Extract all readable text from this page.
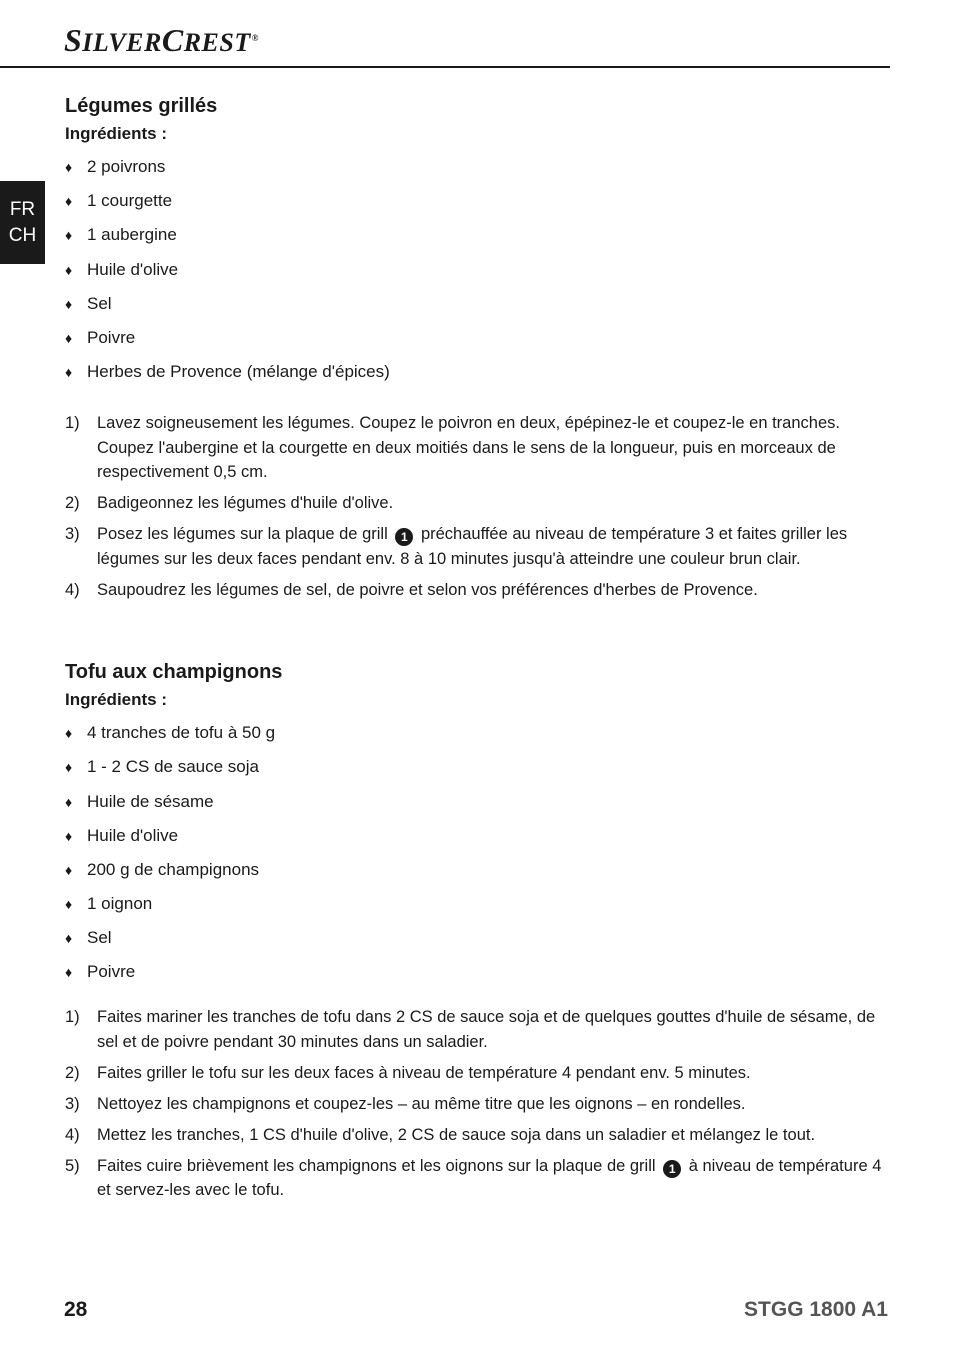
SILVERCREST®
FR
CH
Légumes grillés
Ingrédients :
♦ 2 poivrons
♦ 1 courgette
♦ 1 aubergine
♦ Huile d'olive
♦ Sel
♦ Poivre
♦ Herbes de Provence (mélange d'épices)
1)	Lavez soigneusement les légumes. Coupez le poivron en deux, épépinez-le et coupez-le en tranches. Coupez l'aubergine et la courgette en deux moitiés dans le sens de la longueur, puis en morceaux de respectivement 0,5 cm.
2)	Badigeonnez les légumes d'huile d'olive.
3)	Posez les légumes sur la plaque de grill 1 préchauffée au niveau de température 3 et faites griller les légumes sur les deux faces pendant env. 8 à 10 minutes jusqu'à atteindre une couleur brun clair.
4)	Saupoudrez les légumes de sel, de poivre et selon vos préférences d'herbes de Provence.
Tofu aux champignons
Ingrédients :
♦ 4 tranches de tofu à 50 g
♦ 1 - 2 CS de sauce soja
♦ Huile de sésame
♦ Huile d'olive
♦ 200 g de champignons
♦ 1 oignon
♦ Sel
♦ Poivre
1)	Faites mariner les tranches de tofu dans 2 CS de sauce soja et de quelques gouttes d'huile de sésame, de sel et de poivre pendant 30 minutes dans un saladier.
2)	Faites griller le tofu sur les deux faces à niveau de température 4 pendant env. 5 minutes.
3)	Nettoyez les champignons et coupez-les – au même titre que les oignons – en rondelles.
4)	Mettez les tranches, 1 CS d'huile d'olive, 2 CS de sauce soja dans un saladier et mélangez le tout.
5)	Faites cuire brièvement les champignons et les oignons sur la plaque de grill 1 à niveau de température 4 et servez-les avec le tofu.
28	STGG 1800 A1
